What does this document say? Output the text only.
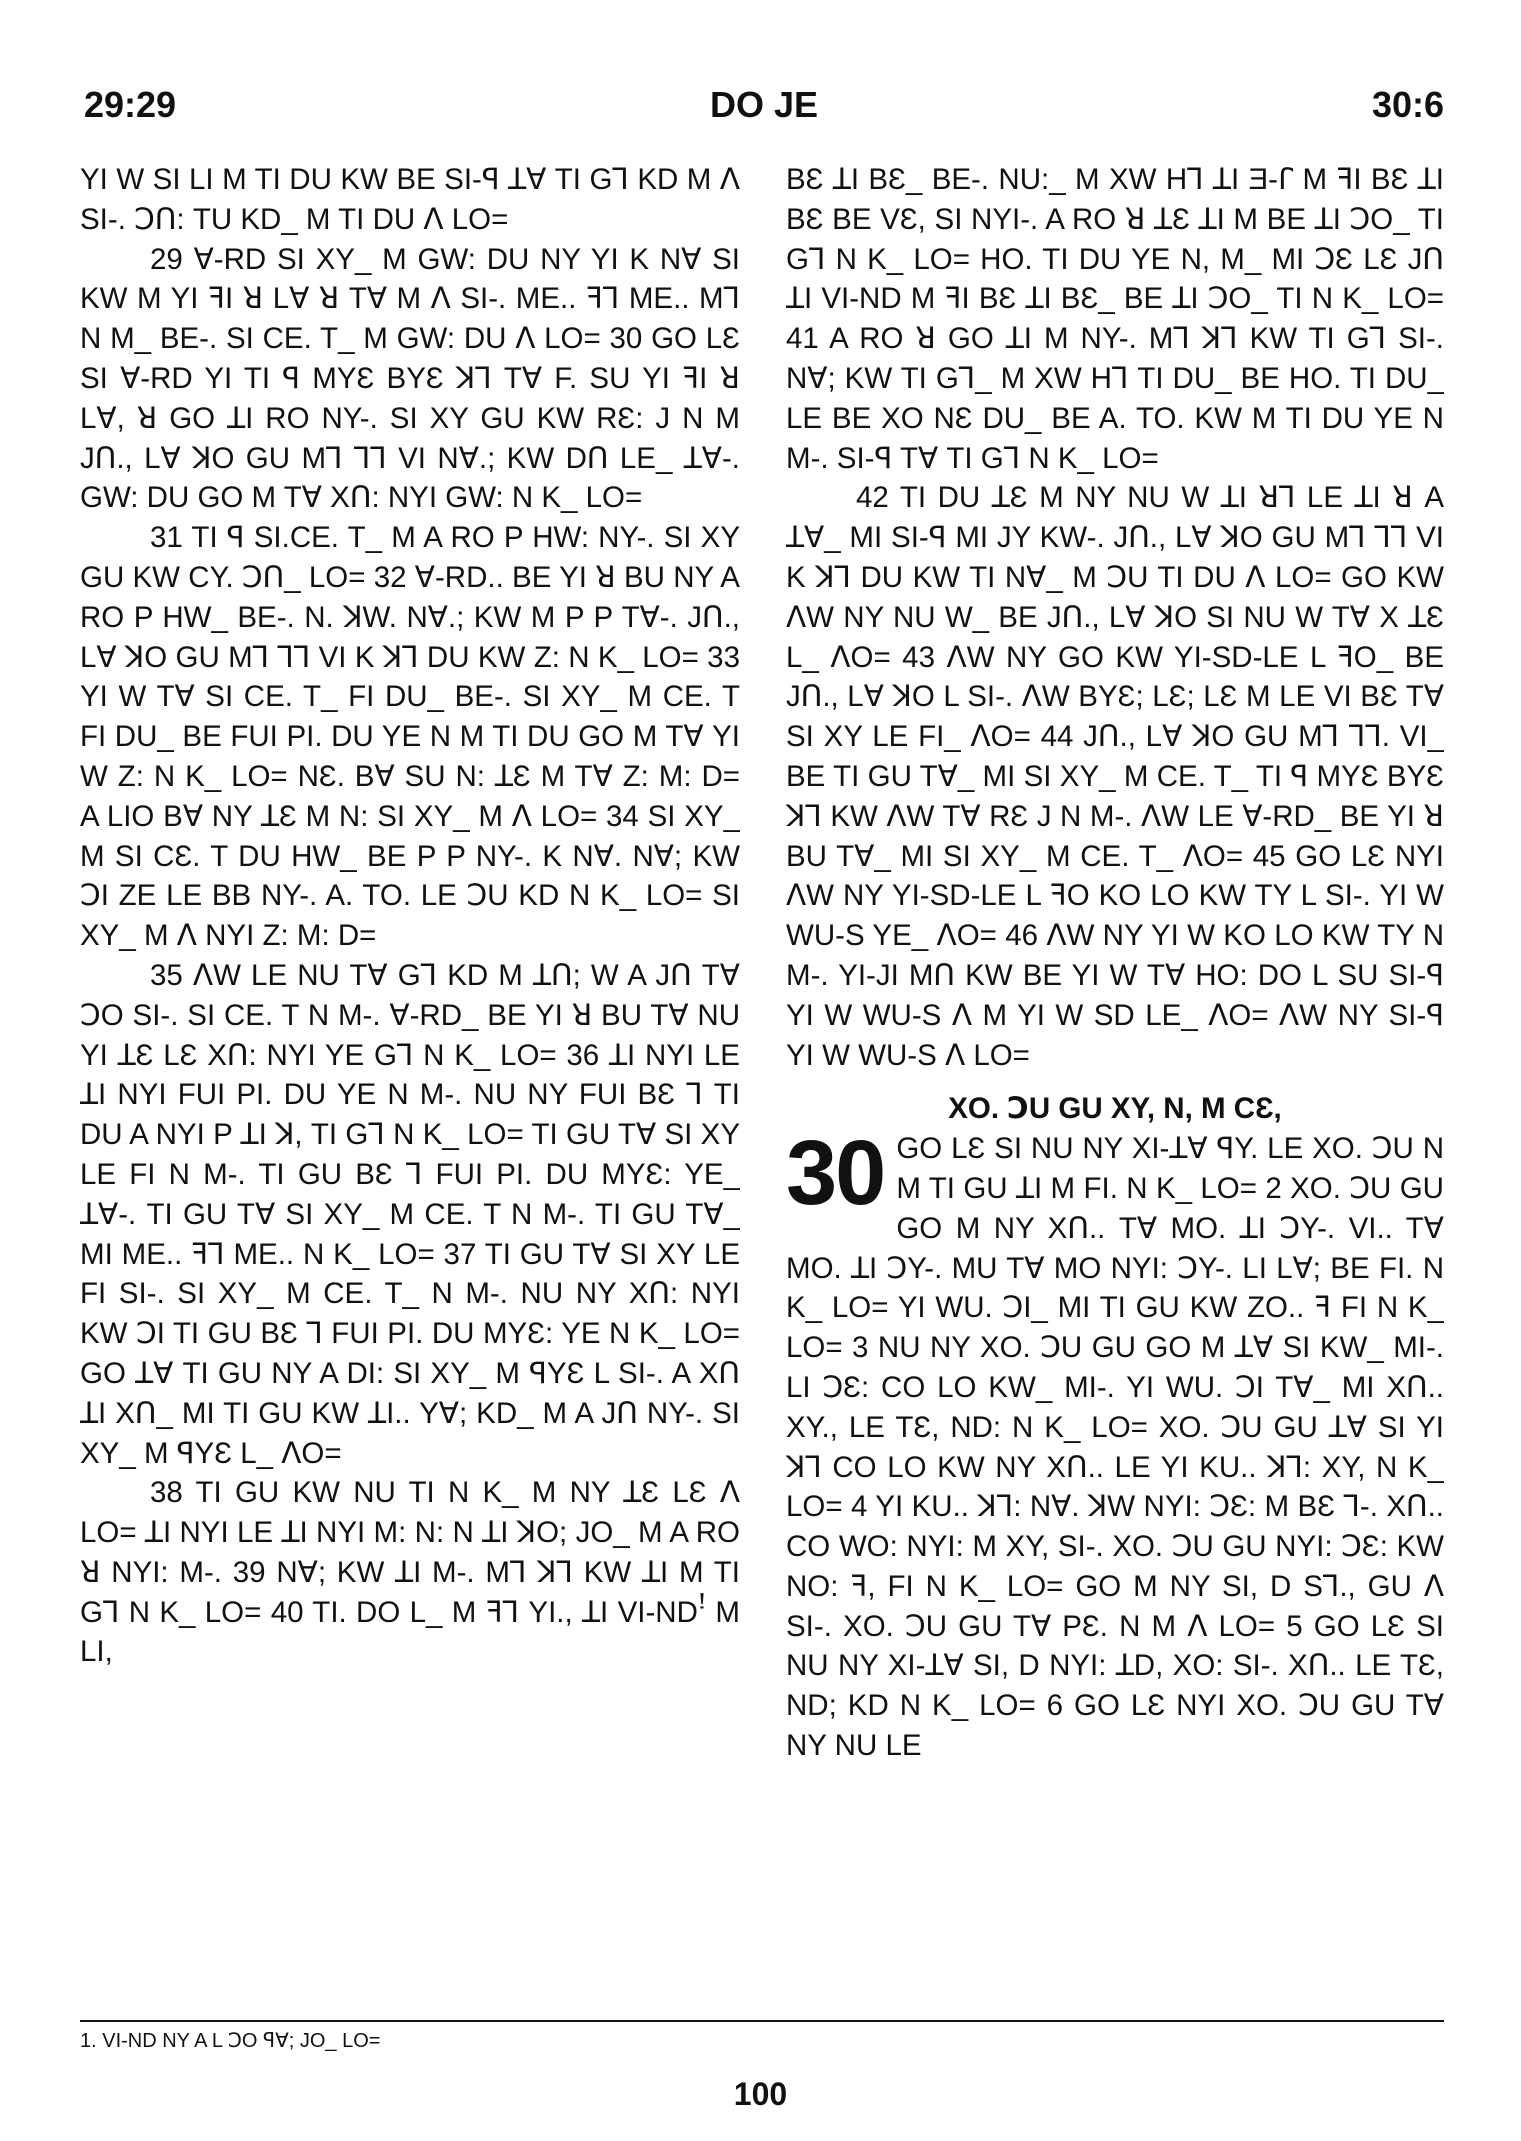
29:29	DO JE	30:6

YI W SI LI M TI DU KW BE SI-ꟼ ꓕꓯ TI Gꓶ KD M ꓥ SI-. ꓛꓵ: TU KD_ M TI DU ꓥ LO=

29 ꓯ-RD SI XY_ M GW: DU NY YI K Nꓯ SI KW M YI ꟻI ꓤ Lꓯ ꓤ Tꓯ M ꓥ SI-. ME.. ꟻꓶ ME.. Mꓶ N M_ BE-. SI CE. T_ M GW: DU ꓥ LO= 30 GO LƐ SI ꓯ-RD YI TI ꟼ MYƐ BYƐ ꓘꓶ Tꓯ F. SU YI ꟻI ꓤ Lꓯ, ꓤ GO ꓕI RO NY-. SI XY GU KW RƐ: J N M Jꓵ., Lꓯ ꓘO GU Mꓶ ꓶꓶ VI Nꓯ.; KW Dꓵ LE_ ꓕꓯ-. GW: DU GO M Tꓯ Xꓵ: NYI GW: N K_ LO=

31 TI ꟼ SI.CE. T_ M A RO P HW: NY-. SI XY GU KW CY. ꓛꓵ_ LO= 32 ꓯ-RD.. BE YI ꓤ BU NY A RO P HW_ BE-. N. ꓘW. Nꓯ.; KW M P P Tꓯ-. Jꓵ., Lꓯ ꓘO GU Mꓶ ꓶꓶ VI K ꓘꓶ DU KW Z: N K_ LO= 33 YI W Tꓯ SI CE. T_ FI DU_ BE-. SI XY_ M CE. T FI DU_ BE FUI PI. DU YE N M TI DU GO M Tꓯ YI W Z: N K_ LO= NƐ. Bꓯ SU N: ꓕƐ M Tꓯ Z: M: D= A LIO Bꓯ NY ꓕƐ M N: SI XY_ M ꓥ LO= 34 SI XY_ M SI CƐ. T DU HW_ BE P P NY-. K Nꓯ. Nꓯ; KW ꓛI ZE LE BB NY-. A. TO. LE ꓛU KD N K_ LO= SI XY_ M ꓥ NYI Z: M: D=

35 ꓥW LE NU Tꓯ Gꓶ KD M ꓕꓵ; W A Jꓵ Tꓯ ꓛO SI-. SI CE. T N M-. ꓯ-RD_ BE YI ꓤ BU Tꓯ NU YI ꓕƐ LƐ Xꓵ: NYI YE Gꓶ N K_ LO= 36 ꓕI NYI LE ꓕI NYI FUI PI. DU YE N M-. NU NY FUI BƐ ꓶ TI DU A NYI P ꓕI ꓘ, TI Gꓶ N K_ LO= TI GU Tꓯ SI XY LE FI N M-. TI GU BƐ ꓶ FUI PI. DU MYƐ: YE_ ꓕꓯ-. TI GU Tꓯ SI XY_ M CE. T N M-. TI GU Tꓯ_ MI ME.. ꟻꓶ ME.. N K_ LO= 37 TI GU Tꓯ SI XY LE FI SI-. SI XY_ M CE. T_ N M-. NU NY Xꓵ: NYI KW ꓛI TI GU BƐ ꓶ FUI PI. DU MYƐ: YE N K_ LO= GO ꓕꓯ TI GU NY A DI: SI XY_ M ꟼYƐ L SI-. A Xꓵ ꓕI Xꓵ_ MI TI GU KW ꓕI.. Yꓯ; KD_ M A Jꓵ NY-. SI XY_ M ꟼYƐ L_ ꓥO=

38 TI GU KW NU TI N K_ M NY ꓕƐ LƐ ꓥ LO= ꓕI NYI LE ꓕI NYI M: N: N ꓕI ꓘO; JO_ M A RO ꓤ NYI: M-. 39 Nꓯ; KW ꓕI M-. Mꓶ ꓘꓶ KW ꓕI M TI Gꓶ N K_ LO= 40 TI. DO L_ M ꟻꓶ YI., ꓕI VI-NDꜝ M LI,

BƐ ꓕI BƐ_ BE-. NU:_ M XW Hꓶ ꓕI Ǝ-ꓩ M ꟻI BƐ ꓕI BƐ BE VƐ, SI NYI-. A RO ꓤ ꓕƐ ꓕI M BE ꓕI ꓛO_ TI Gꓶ N K_ LO= HO. TI DU YE N, M_ MI ꓛƐ LƐ Jꓵ ꓕI VI-ND M ꟻI BƐ ꓕI BƐ_ BE ꓕI ꓛO_ TI N K_ LO= 41 A RO ꓤ GO ꓕI M NY-. Mꓶ ꓘꓶ KW TI Gꓶ SI-. Nꓯ; KW TI Gꓶ_ M XW Hꓶ TI DU_ BE HO. TI DU_ LE BE XO NƐ DU_ BE A. TO. KW M TI DU YE N M-. SI-ꟼ Tꓯ TI Gꓶ N K_ LO=

42 TI DU ꓕƐ M NY NU W ꓕI ꓤꓶ LE ꓕI ꓤ A ꓕꓯ_ MI SI-ꟼ MI JY KW-. Jꓵ., Lꓯ ꓘO GU Mꓶ ꓶꓶ VI K ꓘꓶ DU KW TI Nꓯ_ M ꓛU TI DU ꓥ LO= GO KW ꓥW NY NU W_ BE Jꓵ., Lꓯ ꓘO SI NU W Tꓯ X ꓕƐ L_ ꓥO= 43 ꓥW NY GO KW YI-SD-LE L ꟻO_ BE Jꓵ., Lꓯ ꓘO L SI-. ꓥW BYƐ; LƐ; LƐ M LE VI BƐ Tꓯ SI XY LE FI_ ꓥO= 44 Jꓵ., Lꓯ ꓘO GU Mꓶ ꓶꓶ. VI_ BE TI GU Tꓯ_ MI SI XY_ M CE. T_ TI ꟼ MYƐ BYƐ ꓘꓶ KW ꓥW Tꓯ RƐ J N M-. ꓥW LE ꓯ-RD_ BE YI ꓤ BU Tꓯ_ MI SI XY_ M CE. T_ ꓥO= 45 GO LƐ NYI ꓥW NY YI-SD-LE L ꟻO KO LO KW TY L SI-. YI W WU-S YE_ ꓥO= 46 ꓥW NY YI W KO LO KW TY N M-. YI-JI Mꓵ KW BE YI W Tꓯ HO: DO L SU SI-ꟼ YI W WU-S ꓥ M YI W SD LE_ ꓥO= ꓥW NY SI-ꟼ YI W WU-S ꓥ LO=

XO. ꓛU GU XY, N, M CƐ,
30 GO LƐ SI NU NY XI-ꓕꓯ ꟼY. LE XO. ꓛU N M TI GU ꓕI M FI. N K_ LO= 2 XO. ꓛU GU GO M NY Xꓵ.. Tꓯ MO. ꓕI ꓛY-. VI.. Tꓯ MO. ꓕI ꓛY-. MU Tꓯ MO NYI: ꓛY-. LI Lꓯ; BE FI. N K_ LO= YI WU. ꓛI_ MI TI GU KW ZO.. ꟻ FI N K_ LO= 3 NU NY XO. ꓛU GU GO M ꓕꓯ SI KW_ MI-. LI ꓛƐ: CO LO KW_ MI-. YI WU. ꓛI Tꓯ_ MI Xꓵ.. XY., LE TƐ, ND: N K_ LO= XO. ꓛU GU ꓕꓯ SI YI ꓘꓶ CO LO KW NY Xꓵ.. LE YI KU.. ꓘꓶ: XY, N K_ LO= 4 YI KU.. ꓘꓶ: Nꓯ. ꓘW NYI: ꓛƐ: M BƐ ꓶ-. Xꓵ.. CO WO: NYI: M XY, SI-. XO. ꓛU GU NYI: ꓛƐ: KW NO: ꟻ, FI N K_ LO= GO M NY SI, D Sꓶ., GU ꓥ SI-. XO. ꓛU GU Tꓯ PƐ. N M ꓥ LO= 5 GO LƐ SI NU NY XI-ꓕꓯ SI, D NYI: ꓕD, XO: SI-. Xꓵ.. LE TƐ, ND; KD N K_ LO= 6 GO LƐ NYI XO. ꓛU GU Tꓯ NY NU LE

1. VI-ND NY A L ꓛO ꟼꓯ; JO_ LO=
100
